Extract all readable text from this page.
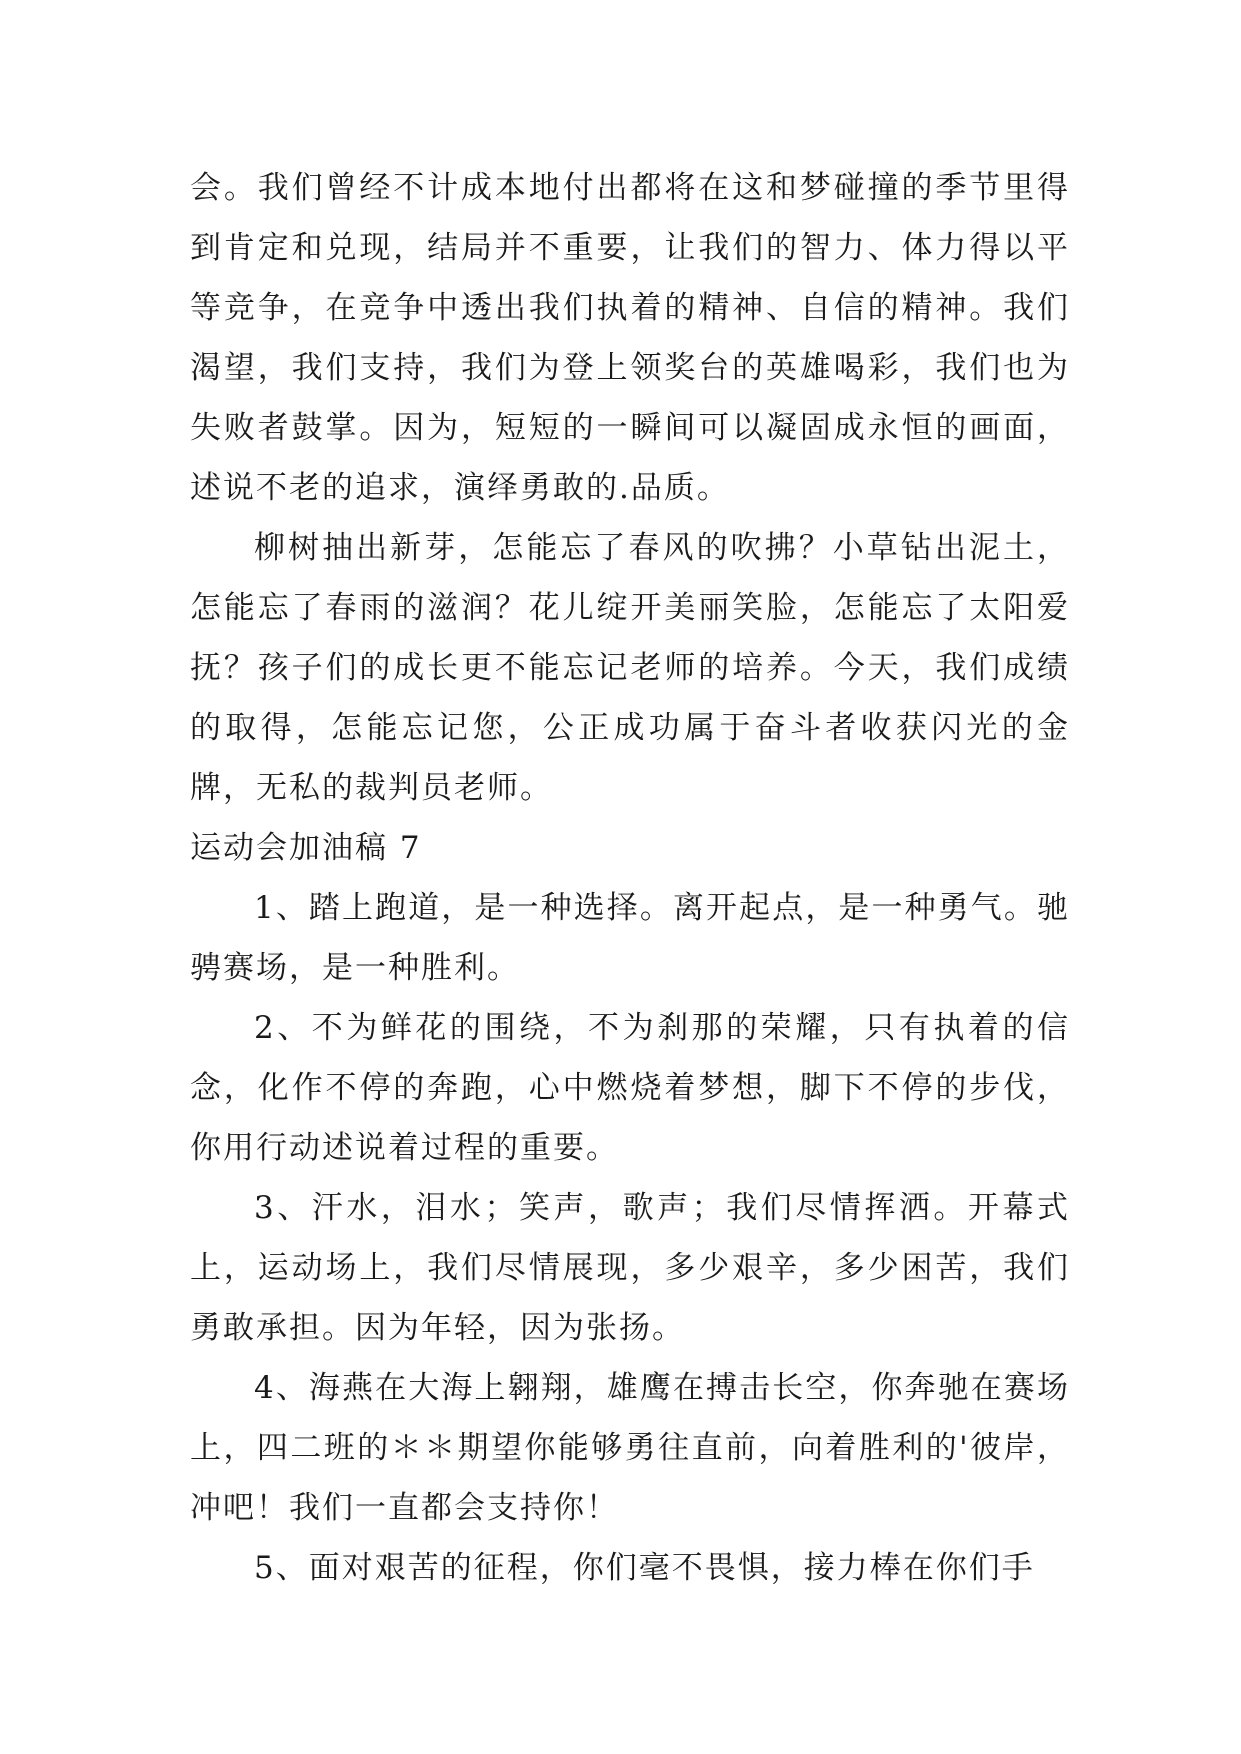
会。我们曾经不计成本地付出都将在这和梦碰撞的季节里得到肯定和兑现，结局并不重要，让我们的智力、体力得以平等竞争，在竞争中透出我们执着的精神、自信的精神。我们渴望，我们支持，我们为登上领奖台的英雄喝彩，我们也为失败者鼓掌。因为，短短的一瞬间可以凝固成永恒的画面，述说不老的追求，演绎勇敢的.品质。

柳树抽出新芽，怎能忘了春风的吹拂？小草钻出泥土，怎能忘了春雨的滋润？花儿绽开美丽笑脸，怎能忘了太阳爱抚？孩子们的成长更不能忘记老师的培养。今天，我们成绩的取得，怎能忘记您，公正成功属于奋斗者收获闪光的金牌，无私的裁判员老师。

运动会加油稿 7

1、踏上跑道，是一种选择。离开起点，是一种勇气。驰骋赛场，是一种胜利。

2、不为鲜花的围绕，不为刹那的荣耀，只有执着的信念，化作不停的奔跑，心中燃烧着梦想，脚下不停的步伐，你用行动述说着过程的重要。

3、汗水，泪水；笑声，歌声；我们尽情挥洒。开幕式上，运动场上，我们尽情展现，多少艰辛，多少困苦，我们勇敢承担。因为年轻，因为张扬。

4、海燕在大海上翱翔，雄鹰在搏击长空，你奔驰在赛场上，四二班的＊＊期望你能够勇往直前，向着胜利的'彼岸，冲吧！我们一直都会支持你！

5、面对艰苦的征程，你们毫不畏惧，接力棒在你们手
